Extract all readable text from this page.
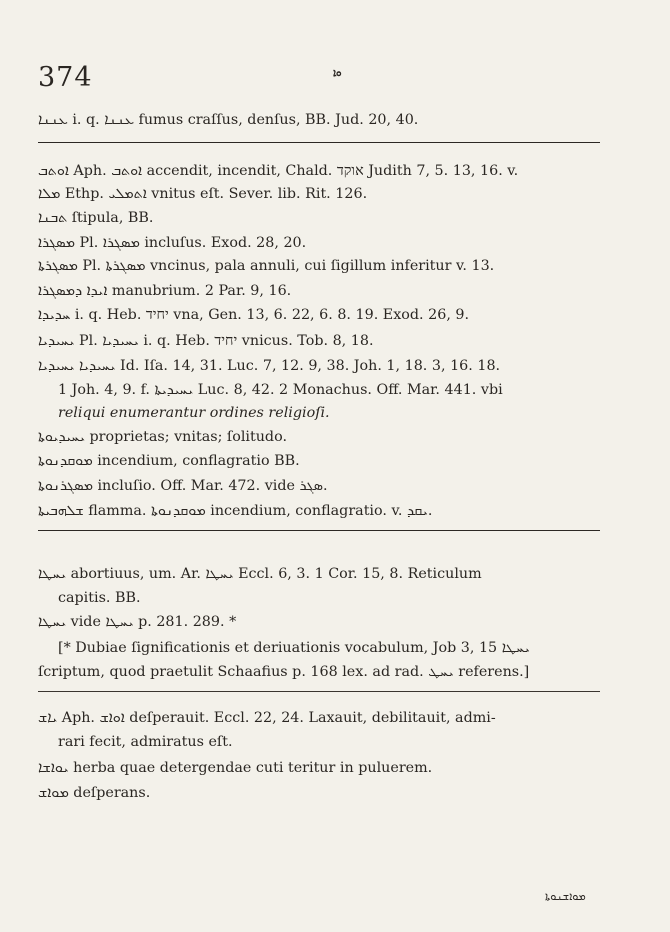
374	ܘܐ
ܥܢܢܐ i. q. ܥܢܢܐ fumus craſſus, denſus, BB. Jud. 20, 40.
ܐܘܬܒ Aph. ܐܘܬܒ accendit, incendit, Chald. אוקד Judith 7, 5. 13, 16. v.
ܡܠܐ Ethp. ܐܬܡܠܝ vnitus eſt. Sever. lib. Rit. 126.
ܬܒܢܐ ſtipula, BB.
ܡܣܓܪܐ Pl. ܡܣܓܪܐ incluſus. Exod. 28, 20.
ܡܣܓܪܬܐ Pl. ܡܣܓܪܬܐ vncinus, pala annuli, cui ſigillum inferitur v. 13.
ܐܝܕܐ ܕܡܣܓܪܐ manubrium. 2 Par. 9, 16.
ܚܕܝܕܐ i. q. Heb. יחיד vna, Gen. 13, 6. 22, 6. 8. 19. Exod. 26, 9.
ܝܚܝܕܝܐ Pl. ܝܚܝܕܝܐ i. q. Heb. יחיד vnicus. Tob. 8, 18.
ܝܚܝܕܝܐ ܝܚܝܕܝܐ Id. Iſa. 14, 31. Luc. 7, 12. 9, 38. Joh. 1, 18. 3, 16. 18.
1 Joh. 4, 9. f. ܝܚܝܕܝܬܐ Luc. 8, 42. 2 Monachus. Off. Mar. 441. vbi
reliqui enumerantur ordines religioſi.
ܝܚܝܕܝܘܬܐ proprietas; vnitas; ſolitudo.
ܡܘܩܕܢܘܬܐ incendium, conflagratio BB.
ܡܣܓܪܢܘܬܐ incluſio. Off. Mar. 472. vide ܣܓܪ.
ܫܠܗܒܝܬܐ flamma. ܡܘܩܕܢܘܬܐ incendium, conflagratio. v. ܝܩܕ.
ܝܚܛܐ abortiuus, um. Ar. ܝܚܛܐ Eccl. 6, 3. 1 Cor. 15, 8. Reticulum
capitis. BB.
ܝܚܛܐ vide ܝܚܛܐ p. 281. 289. *
[* Dubiae ſignificationis et deriuationis vocabulum, Job 3, 15 ܝܚܛܐ
ſcriptum, quod praetulit Schaafius p. 168 lex. ad rad. ܝܚܛ referens.]
ܝܐܫ Aph. ܐܘܐܫ deſperauit. Eccl. 22, 24. Laxauit, debilitauit, admi-
rari fecit, admiratus eſt.
ܝܘܐܫܐ herba quae detergendae cuti teritur in puluerem.
ܡܘܐܫ deſperans.
ܡܘܐܫܢܘܬܐ
